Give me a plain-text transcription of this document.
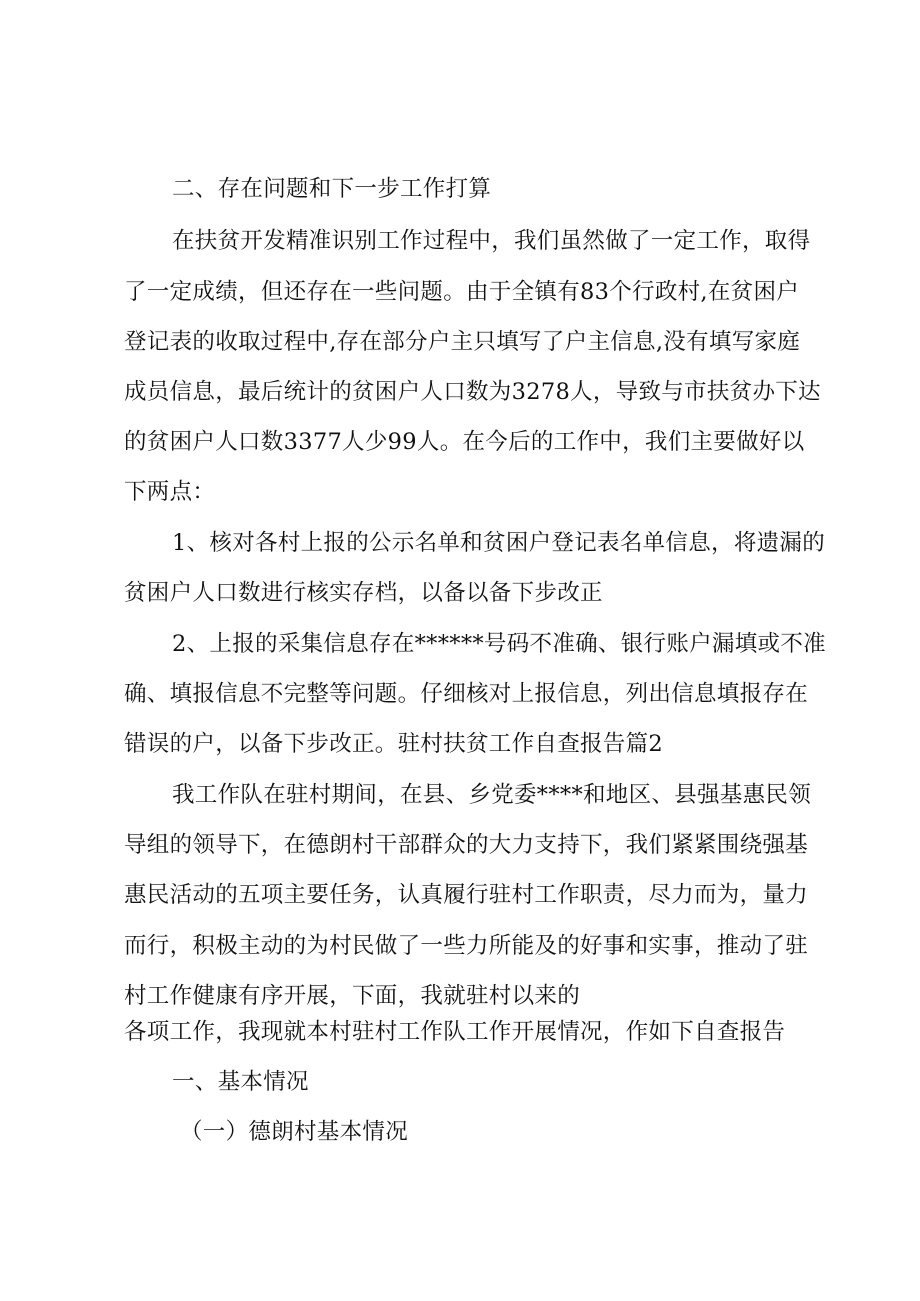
二、存在问题和下一步工作打算
在扶贫开发精准识别工作过程中，我们虽然做了一定工作，取得
了一定成绩，但还存在一些问题。由于全镇有83个行政村,在贫困户
登记表的收取过程中,存在部分户主只填写了户主信息,没有填写家庭
成员信息，最后统计的贫困户人口数为3278人，导致与市扶贫办下达
的贫困户人口数3377人少99人。在今后的工作中，我们主要做好以
下两点：
1、核对各村上报的公示名单和贫困户登记表名单信息，将遗漏的
贫困户人口数进行核实存档，以备以备下步改正
2、上报的采集信息存在******号码不准确、银行账户漏填或不准
确、填报信息不完整等问题。仔细核对上报信息，列出信息填报存在
错误的户，以备下步改正。驻村扶贫工作自查报告篇2
我工作队在驻村期间，在县、乡党委****和地区、县强基惠民领
导组的领导下，在德朗村干部群众的大力支持下，我们紧紧围绕强基
惠民活动的五项主要任务，认真履行驻村工作职责，尽力而为，量力
而行，积极主动的为村民做了一些力所能及的好事和实事，推动了驻
村工作健康有序开展，下面，我就驻村以来的
各项工作，我现就本村驻村工作队工作开展情况，作如下自查报告
一、基本情况
（一）德朗村基本情况
